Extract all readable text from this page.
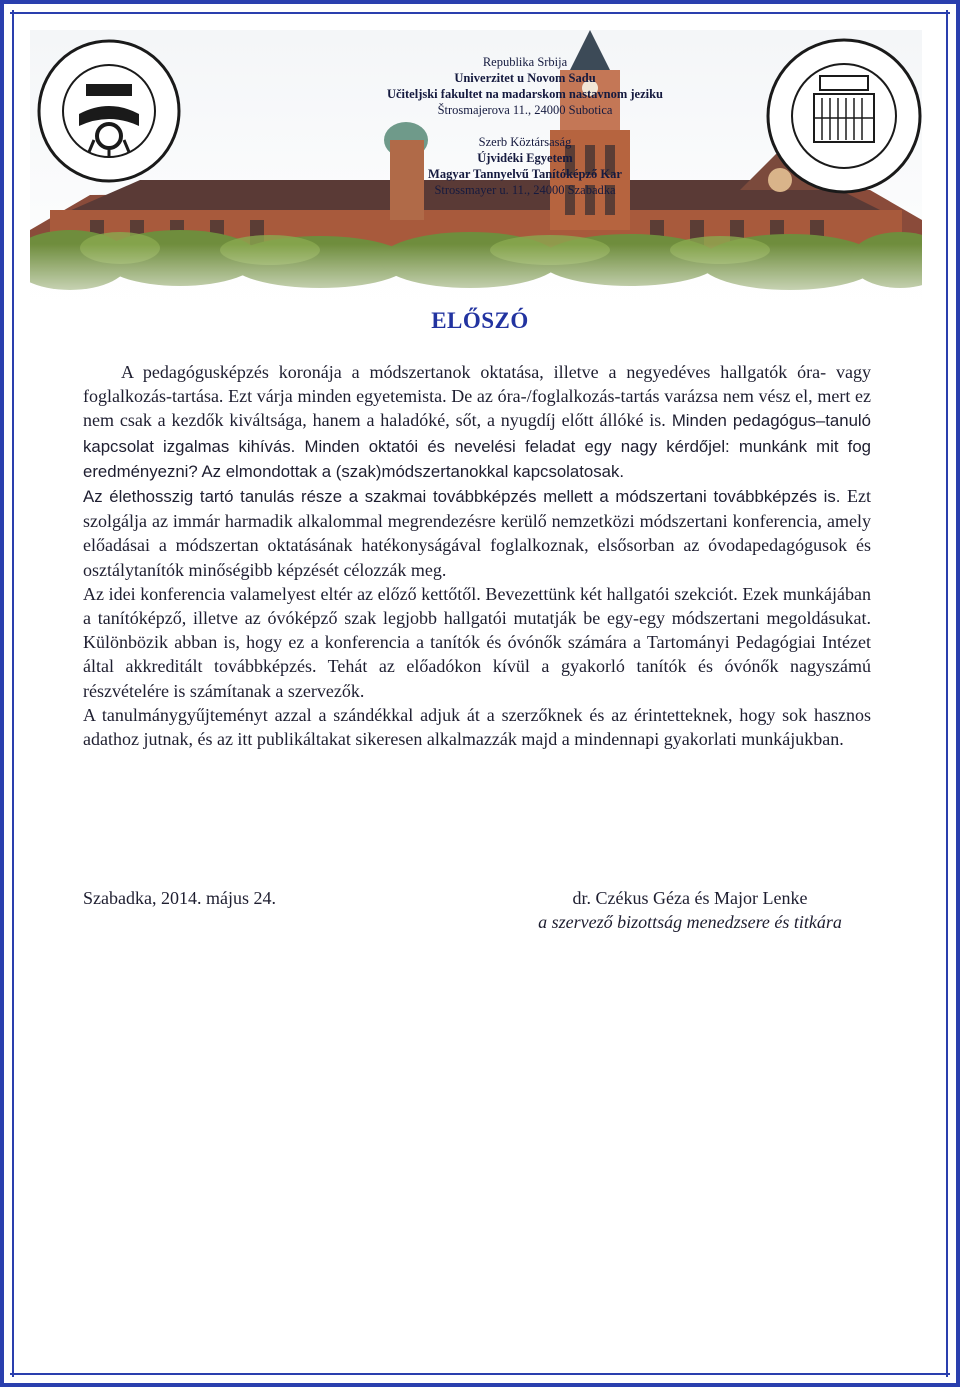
Republika Srbija
Univerzitet u Novom Sadu
Učiteljski fakultet na madarskom nastavnom jeziku
Štrosmajerova 11., 24000 Subotica
Szerb Köztársaság
Újvidéki Egyetem
Magyar Tannyelvű Tanítóképző Kar
Strossmayer u. 11., 24000 Szabadka
ELŐSZÓ

A pedagógusképzés koronája a módszertanok oktatása, illetve a negyedéves hallgatók óra- vagy foglalkozás-tartása. Ezt várja minden egyetemista. De az óra-/foglalkozás-tartás varázsa nem vész el, mert ez nem csak a kezdők kiváltsága, hanem a haladóké, sőt, a nyugdíj előtt állóké is. Minden pedagógus–tanuló kapcsolat izgalmas kihívás. Minden oktatói és nevelési feladat egy nagy kérdőjel: munkánk mit fog eredményezni? Az elmondottak a (szak)módszertanokkal kapcsolatosak.

Az élethosszig tartó tanulás része a szakmai továbbképzés mellett a módszertani továbbképzés is. Ezt szolgálja az immár harmadik alkalommal megrendezésre kerülő nemzetközi módszertani konferencia, amely előadásai a módszertan oktatásának hatékonyságával foglalkoznak, elsősorban az óvodapedagógusok és osztálytanítók minőségibb képzését célozzák meg.

Az idei konferencia valamelyest eltér az előző kettőtől. Bevezettünk két hallgatói szekciót. Ezek munkájában a tanítóképző, illetve az óvóképző szak legjobb hallgatói mutatják be egy-egy módszertani megoldásukat. Különbözik abban is, hogy ez a konferencia a tanítók és óvónők számára a Tartományi Pedagógiai Intézet által akkreditált továbbképzés. Tehát az előadókon kívül a gyakorló tanítók és óvónők nagyszámú részvételére is számítanak a szervezők.

A tanulmánygyűjteményt azzal a szándékkal adjuk át a szerzőknek és az érintetteknek, hogy sok hasznos adathoz jutnak, és az itt publikáltakat sikeresen alkalmazzák majd a mindennapi gyakorlati munkájukban.

Szabadka, 2014. május 24.	dr. Czékus Géza és Major Lenke
a szervező bizottság menedzsere és titkára
